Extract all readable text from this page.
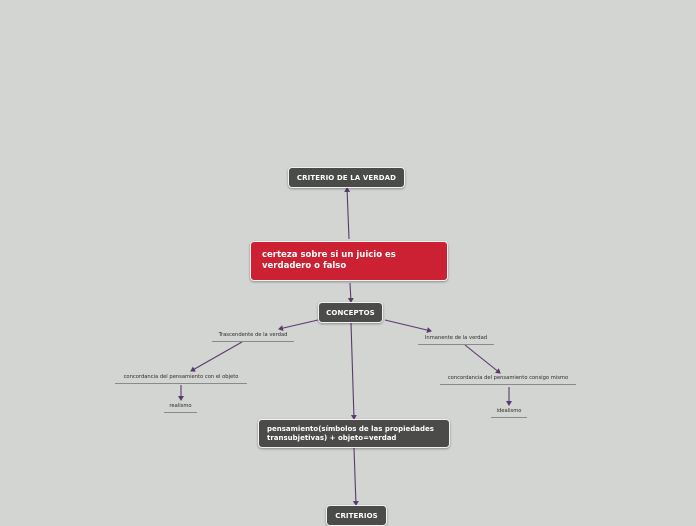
CRITERIO DE LA VERDAD
certeza sobre si un juicio es verdadero o falso
CONCEPTOS
Trascendente de la verdad	Inmanente de la verdad
concordancia del pensamiento con el objeto	concordancia del pensamiento consigo mismo
realismo
idealismo
pensamiento(símbolos de las propiedades transubjetivas) + objeto=verdad
CRITERIOS
